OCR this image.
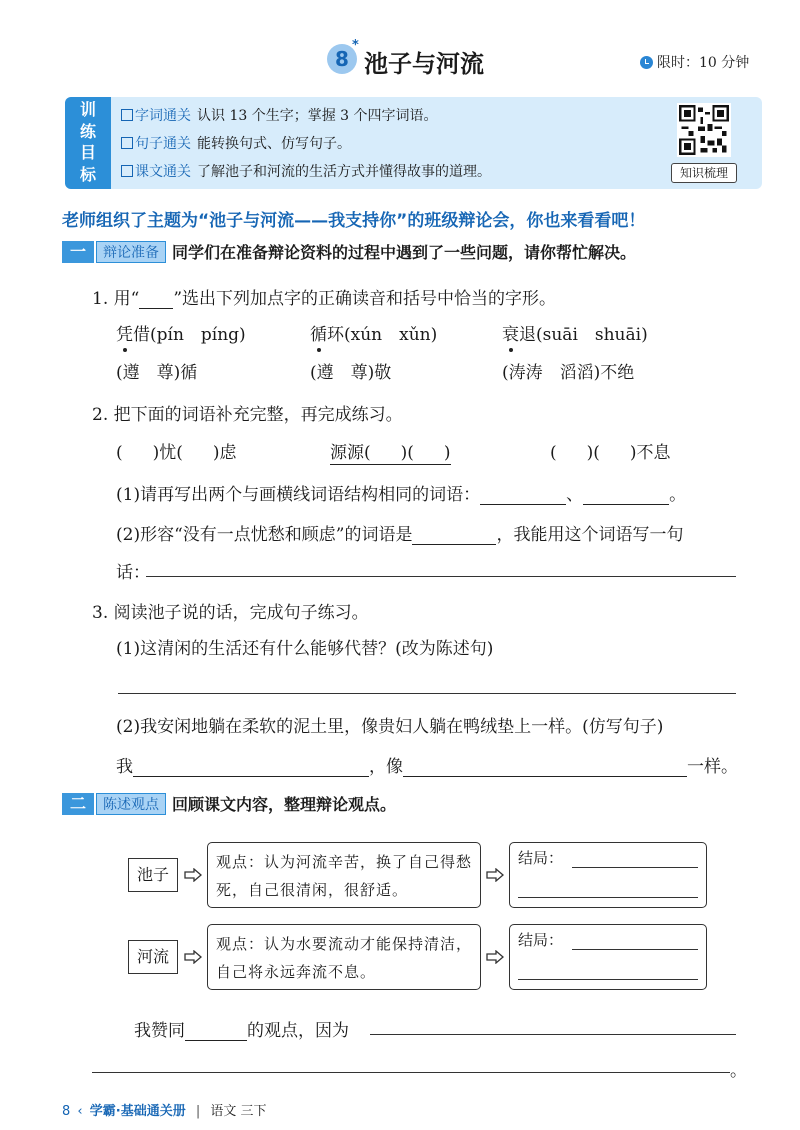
8
*
池子与河流	限时：10 分钟
训
练
目
标
字词通关 认识 13 个生字；掌握 3 个四字词语。
句子通关 能转换句式、仿写句子。
课文通关 了解池子和河流的生活方式并懂得故事的道理。	知识梳理
老师组织了主题为“池子与河流——我支持你”的班级辩论会，你也来看看吧！
一 辩论准备 同学们在准备辩论资料的过程中遇到了一些问题，请你帮忙解决。
1. 用“ ”选出下列加点字的正确读音和括号中恰当的字形。
凭借(pín　píng)	循环(xún　xǔn)	衰退(suāi　shuāi)
(遵　尊)循	(遵　尊)敬	(涛涛　滔滔)不绝
2. 把下面的词语补充完整，再完成练习。
( )忧( )虑	源源( )( )	( )( )不息
(1)请再写出两个与画横线词语结构相同的词语：	、	。
(2)形容“没有一点忧愁和顾虑”的词语是	，我能用这个词语写一句
话：
3. 阅读池子说的话，完成句子练习。
(1)这清闲的生活还有什么能够代替？(改为陈述句)
(2)我安闲地躺在柔软的泥土里，像贵妇人躺在鸭绒垫上一样。(仿写句子)
我	，像	一样。
二 陈述观点 回顾课文内容，整理辩论观点。
池子
观点：认为河流辛苦，换了自己得愁死，自己很清闲，很舒适。
结局：
河流
观点：认为水要流动才能保持清洁，自己将永远奔流不息。
结局：
我赞同	的观点，因为
。
8 ‹ 学霸·基础通关册 | 语文 三下
